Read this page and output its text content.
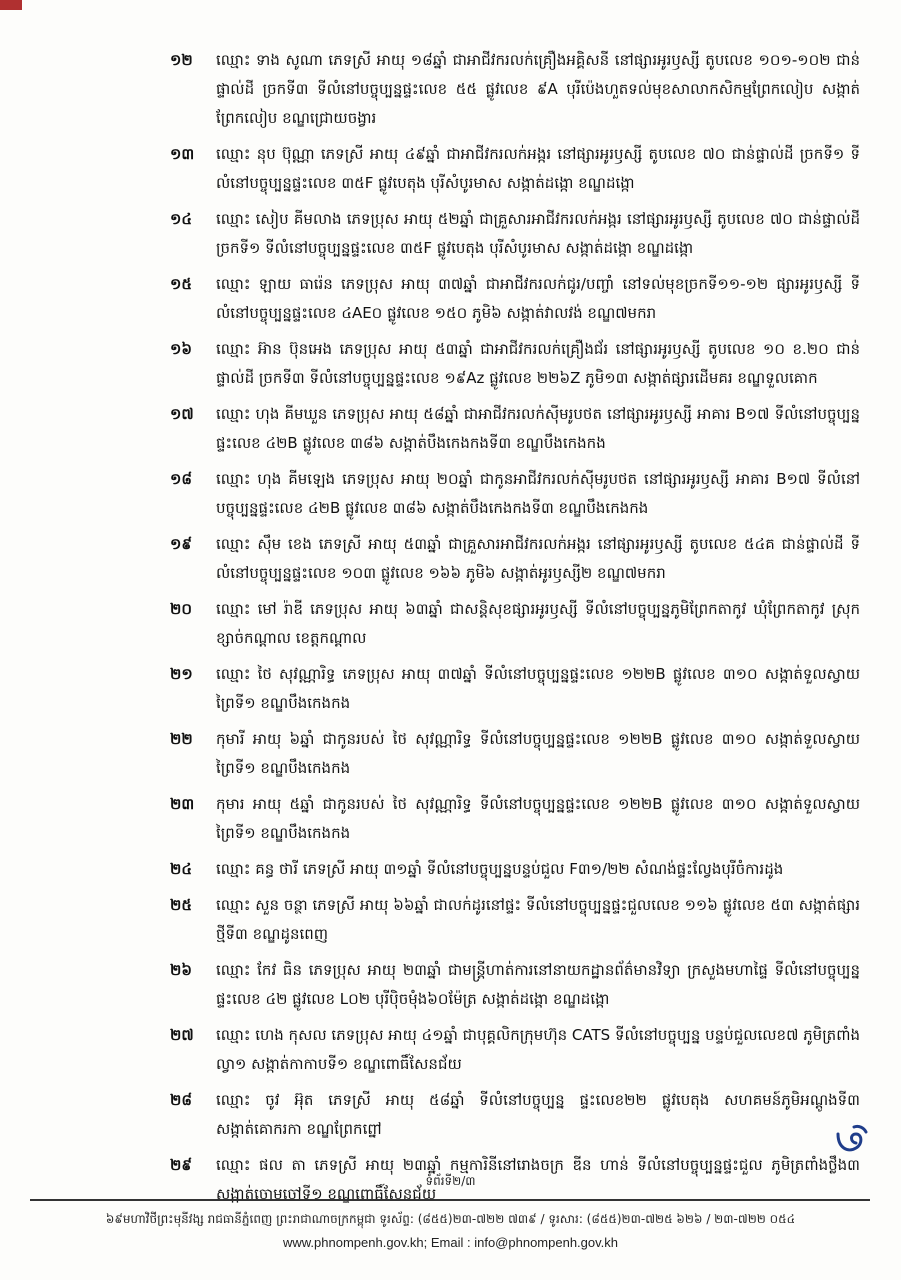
១២	ឈ្មោះ ទាង សូណា ភេទស្រី អាយុ ១៨ឆ្នាំ ជាអាជីវករលក់គ្រឿងអគ្គិសនី នៅផ្សារអូរឫស្សី តូបលេខ ១០១-១០២ ជាន់ផ្ទាល់ដី ច្រកទី៣ ទីលំនៅបច្ចុប្បន្នផ្ទះលេខ ៥៥ ផ្លូវលេខ ៩A បុរីប៉េងហួតទល់មុខសាលាកសិកម្មព្រែកលៀប សង្កាត់ព្រែកលៀប ខណ្ឌជ្រោយចង្វារ
១៣	ឈ្មោះ នុប ប៊ុណ្ណា ភេទស្រី អាយុ ៤៩ឆ្នាំ ជាអាជីវករលក់អង្ករ នៅផ្សារអូរឫស្សី តូបលេខ ៧០ ជាន់ផ្ទាល់ដី ច្រកទី១ ទីលំនៅបច្ចុប្បន្នផ្ទះលេខ ៣៥F ផ្លូវបេតុង បុរីសំបូរមាស សង្កាត់ដង្កោ ខណ្ឌដង្កោ
១៤	ឈ្មោះ សៀប គីមលាង ភេទប្រុស អាយុ ៥២ឆ្នាំ ជាគ្រួសារអាជីវករលក់អង្ករ នៅផ្សារអូរឫស្សី តូបលេខ ៧០ ជាន់ផ្ទាល់ដី ច្រកទី១ ទីលំនៅបច្ចុប្បន្នផ្ទះលេខ ៣៥F ផ្លូវបេតុង បុរីសំបូរមាស សង្កាត់ដង្កោ ខណ្ឌដង្កោ
១៥	ឈ្មោះ ឡាយ ធារ៉េន ភេទប្រុស អាយុ ៣៧ឆ្នាំ ជាអាជីវករលក់ជូរ/បញ្ចាំ នៅទល់មុខច្រកទី១១-១២ ផ្សារអូរឫស្សី ទីលំនៅបច្ចុប្បន្នផ្ទះលេខ ៤AE០ ផ្លូវលេខ ១៥០ ភូមិ៦ សង្កាត់វាលវង់ ខណ្ឌ៧មករា
១៦	ឈ្មោះ អ៊ាន ប៊ុនអេង ភេទប្រុស អាយុ ៥៣ឆ្នាំ ជាអាជីវករលក់គ្រឿងជ័រ នៅផ្សារអូរឫស្សី តូបលេខ ១០ ខ.២០ ជាន់ផ្ទាល់ដី ច្រកទី៣ ទីលំនៅបច្ចុប្បន្នផ្ទះលេខ ១៩Az ផ្លូវលេខ ២២៦Z ភូមិ១៣ សង្កាត់ផ្សារដើមគរ ខណ្ឌទួលគោក
១៧	ឈ្មោះ ហុង គីមឃួន ភេទប្រុស អាយុ ៥៨ឆ្នាំ ជាអាជីវករលក់ស៊ីមរូបថត នៅផ្សារអូរឫស្សី អាគារ B១៧ ទីលំនៅបច្ចុប្បន្នផ្ទះលេខ ៤២B ផ្លូវលេខ ៣៨៦ សង្កាត់បឹងកេងកងទី៣ ខណ្ឌបឹងកេងកង
១៨	ឈ្មោះ ហុង គីមឡេង ភេទប្រុស អាយុ ២០ឆ្នាំ ជាកូនអាជីវករលក់ស៊ីមរូបថត នៅផ្សារអូរឫស្សី អាគារ B១៧ ទីលំនៅបច្ចុប្បន្នផ្ទះលេខ ៤២B ផ្លូវលេខ ៣៨៦ សង្កាត់បឹងកេងកងទី៣ ខណ្ឌបឹងកេងកង
១៩	ឈ្មោះ ស៊ឹម ខេង ភេទស្រី អាយុ ៥៣ឆ្នាំ ជាគ្រួសារអាជីវករលក់អង្ករ នៅផ្សារអូរឫស្សី តូបលេខ ៥៤គ ជាន់ផ្ទាល់ដី ទីលំនៅបច្ចុប្បន្នផ្ទះលេខ ១០៣ ផ្លូវលេខ ១៦៦ ភូមិ៦ សង្កាត់អូរឫស្សី២ ខណ្ឌ៧មករា
២០	ឈ្មោះ មៅ រ៉ាឌី ភេទប្រុស អាយុ ៦៣ឆ្នាំ ជាសន្តិសុខផ្សារអូរឫស្សី ទីលំនៅបច្ចុប្បន្នភូមិព្រែកតាកូវ ឃុំព្រែកតាកូវ ស្រុកខ្សាច់កណ្តាល ខេត្តកណ្តាល
២១	ឈ្មោះ ថៃ សុវណ្ណារិទ្ធ ភេទប្រុស អាយុ ៣៧ឆ្នាំ ទីលំនៅបច្ចុប្បន្នផ្ទះលេខ ១២២B ផ្លូវលេខ ៣១០ សង្កាត់ទួលស្វាយព្រៃទី១ ខណ្ឌបឹងកេងកង
២២	កុមារី អាយុ ៦ឆ្នាំ ជាកូនរបស់ ថៃ សុវណ្ណារិទ្ធ ទីលំនៅបច្ចុប្បន្នផ្ទះលេខ ១២២B ផ្លូវលេខ ៣១០ សង្កាត់ទួលស្វាយព្រៃទី១ ខណ្ឌបឹងកេងកង
២៣	កុមារ អាយុ ៥ឆ្នាំ ជាកូនរបស់ ថៃ សុវណ្ណារិទ្ធ ទីលំនៅបច្ចុប្បន្នផ្ទះលេខ ១២២B ផ្លូវលេខ ៣១០ សង្កាត់ទួលស្វាយព្រៃទី១ ខណ្ឌបឹងកេងកង
២៤	ឈ្មោះ គន្ធ ថារី ភេទស្រី អាយុ ៣១ឆ្នាំ ទីលំនៅបច្ចុប្បន្នបន្ទប់ជួល F៣១/២២ សំណង់ផ្ទះល្វែងបុរីចំការដូង
២៥	ឈ្មោះ សួន ចន្ថា ភេទស្រី អាយុ ៦៦ឆ្នាំ ជាលក់ដូរនៅផ្ទះ ទីលំនៅបច្ចុប្បន្នផ្ទះជួលលេខ ១១៦ ផ្លូវលេខ ៥៣ សង្កាត់ផ្សារថ្មីទី៣ ខណ្ឌដូនពេញ
២៦	ឈ្មោះ កែវ ធិន ភេទប្រុស អាយុ ២៣ឆ្នាំ ជាមន្ត្រីហាត់ការនៅនាយកដ្ឋានព័ត៌មានវិទ្យា ក្រសួងមហាផ្ទៃ ទីលំនៅបច្ចុប្បន្នផ្ទះលេខ ៤២ ផ្លូវលេខ L០២ បុរីប៉ិចមុំង៦០ម៉ែត្រ សង្កាត់ដង្កោ ខណ្ឌដង្កោ
២៧	ឈ្មោះ ហេង កុសល ភេទប្រុស អាយុ ៤១ឆ្នាំ ជាបុគ្គលិកក្រុមហ៊ុន CATS ទីលំនៅបច្ចុប្បន្ន បន្ទប់ជួលលេខ៧ ភូមិត្រពាំងល្វា១ សង្កាត់កាកាបទី១ ខណ្ឌពោធិ៍សែនជ័យ
២៨	ឈ្មោះ ចូវ អ៊ុត ភេទស្រី អាយុ ៥៨ឆ្នាំ ទីលំនៅបច្ចុប្បន្ន ផ្ទះលេខ២២ ផ្លូវបេតុង សហគមន៍ភូមិអណ្តូងទី៣ សង្កាត់គោករកា ខណ្ឌព្រែកព្នៅ
២៩	ឈ្មោះ ផល តា ភេទស្រី អាយុ ២៣ឆ្នាំ កម្មការិនីនៅរោងចក្រ ឌីន ហាន់ ទីលំនៅបច្ចុប្បន្នផ្ទះជួល ភូមិត្រពាំងថ្លឹង៣ សង្កាត់ចោមចៅទី១ ខណ្ឌពោធិ៍សែនជ័យ
ទំព័រទី២/៣
៦៩មហាវិថីព្រះមុនីវង្ស រាជធានីភ្នំពេញ ព្រះរាជាណាចក្រកម្ពុជា ទូរស័ព្ទ: (៨៥៥)២៣-៧២២ ៧៣៩ / ទូរសារ: (៨៥៥)២៣-៧២៥ ៦២៦ / ២៣-៧២២ ០៥៤
www.phnompenh.gov.kh; Email : info@phnompenh.gov.kh
